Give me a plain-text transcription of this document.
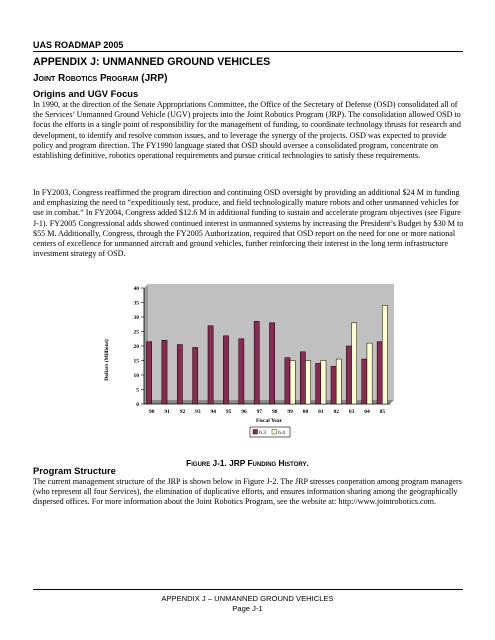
UAS ROADMAP 2005
APPENDIX J: UNMANNED GROUND VEHICLES
Joint Robotics Program (JRP)
Origins and UGV Focus
In 1990, at the direction of the Senate Appropriations Committee, the Office of the Secretary of Defense (OSD) consolidated all of the Services’ Unmanned Ground Vehicle (UGV) projects into the Joint Robotics Program (JRP). The consolidation allowed OSD to focus the efforts in a single point of responsibility for the management of funding, to coordinate technology thrusts for research and development, to identify and resolve common issues, and to leverage the synergy of the projects. OSD was expected to provide policy and program direction. The FY1990 language stated that OSD should oversee a consolidated program, concentrate on establishing definitive, robotics operational requirements and pursue critical technologies to satisfy these requirements.
In FY2003, Congress reaffirmed the program direction and continuing OSD oversight by providing an additional $24 M in funding and emphasizing the need to “expeditiously test, produce, and field technologically mature robots and other unmanned vehicles for use in combat.” In FY2004, Congress added $12.6 M in additional funding to sustain and accelerate program objectives (see Figure J-1). FY2005 Congressional adds showed continued interest in unmanned systems by increasing the President’s Budget by $30 M to $55 M. Additionally, Congress, through the FY2005 Authorization, required that OSD report on the need for one or more national centers of excellence for unmanned aircraft and ground vehicles, further reinforcing their interest in the long term infrastructure investment strategy of OSD.
0
5
10
15
20
25
30
35
40
90 91 92 93 94 95 96 97 98 99 00 01 02 03 04 05
Dollars (Millions)
Fiscal Year
6.3 6.4
Figure J-1. JRP Funding History.
Program Structure
The current management structure of the JRP is shown below in Figure J-2. The JRP stresses cooperation among program managers (who represent all four Services), the elimination of duplicative efforts, and ensures information sharing among the geographically dispersed offices. For more information about the Joint Robotics Program, see the website at: http://www.jointrobotics.com.
APPENDIX J – UNMANNED GROUND VEHICLES
Page J-1
